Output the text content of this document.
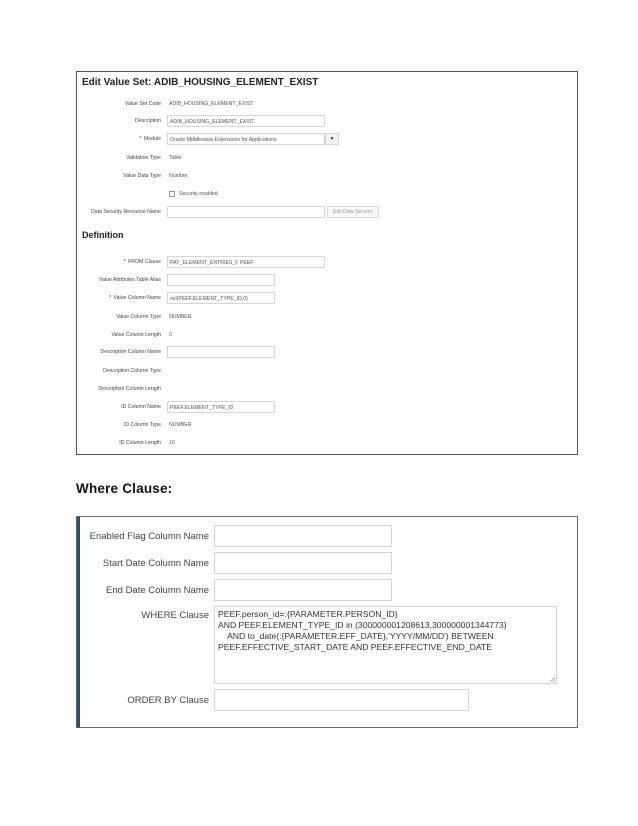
Edit Value Set: ADIB_HOUSING_ELEMENT_EXIST
Value Set Code ADIB_HOUSING_ELEMENT_EXIST
Description	ADIB_HOUSING_ELEMENT_EXIST
* Module	Oracle Middleware Extensions for Applications	▼
Validation Type Table
Value Data Type Number
Security enabled
Data Security Resource Name	Edit Data Security
Definition
* FROM Clause	PAY_ELEMENT_ENTRIES_F PEEF
Value Attributes Table Alias
* Value Column Name	nvl(PEEF.ELEMENT_TYPE_ID,0)
Value Column Type NUMBER
Value Column Length 0
Description Column Name
Description Column Type
Description Column Length
ID Column Name	PEEF.ELEMENT_TYPE_ID
ID Column Type NUMBER
ID Column Length 10
Where Clause:
Enabled Flag Column Name
Start Date Column Name
End Date Column Name
WHERE Clause
PEEF.person_id=:{PARAMETER.PERSON_ID} AND PEEF.ELEMENT_TYPE_ID in (300000001208613,300000001344773) AND to_date(:{PARAMETER.EFF_DATE},'YYYY/MM/DD') BETWEEN PEEF.EFFECTIVE_START_DATE AND PEEF.EFFECTIVE_END_DATE
ORDER BY Clause
